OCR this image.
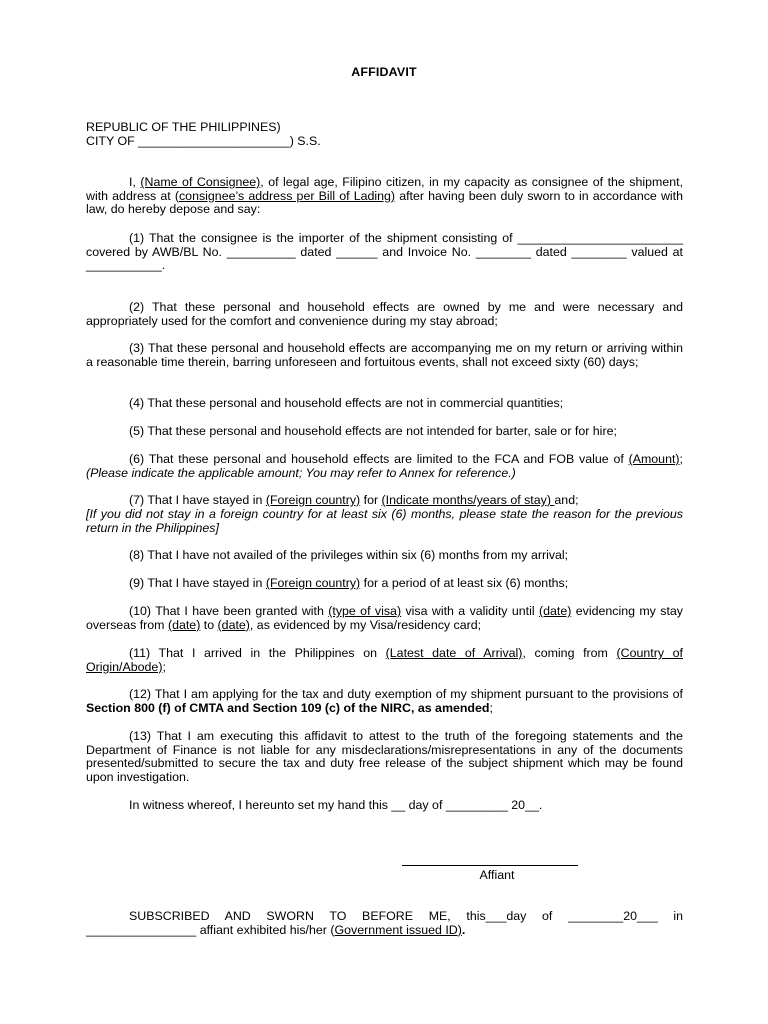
AFFIDAVIT
REPUBLIC OF THE PHILIPPINES)
CITY OF ______________________) S.S.
I, (Name of Consignee), of legal age, Filipino citizen, in my capacity as consignee of the shipment, with address at (consignee’s address per Bill of Lading) after having been duly sworn to in accordance with law, do hereby depose and say:
(1) That the consignee is the importer of the shipment consisting of ________________________ covered by AWB/BL No. __________ dated ______ and Invoice No. ________ dated ________ valued at ___________.
(2) That these personal and household effects are owned by me and were necessary and appropriately used for the comfort and convenience during my stay abroad;
(3) That these personal and household effects are accompanying me on my return or arriving within a reasonable time therein, barring unforeseen and fortuitous events, shall not exceed sixty (60) days;
(4) That these personal and household effects are not in commercial quantities;
(5) That these personal and household effects are not intended for barter, sale or for hire;
(6) That these personal and household effects are limited to the FCA and FOB value of (Amount); (Please indicate the applicable amount; You may refer to Annex for reference.)
(7) That I have stayed in (Foreign country) for (Indicate months/years of stay) and;
[If you did not stay in a foreign country for at least six (6) months, please state the reason for the previous return in the Philippines]
(8) That I have not availed of the privileges within six (6) months from my arrival;
(9) That I have stayed in (Foreign country) for a period of at least six (6) months;
(10) That I have been granted with (type of visa) visa with a validity until (date) evidencing my stay overseas from (date) to (date), as evidenced by my Visa/residency card;
(11) That I arrived in the Philippines on (Latest date of Arrival), coming from (Country of Origin/Abode);
(12) That I am applying for the tax and duty exemption of my shipment pursuant to the provisions of Section 800 (f) of CMTA and Section 109 (c) of the NIRC, as amended;
(13) That I am executing this affidavit to attest to the truth of the foregoing statements and the Department of Finance is not liable for any misdeclarations/misrepresentations in any of the documents presented/submitted to secure the tax and duty free release of the subject shipment which may be found upon investigation.
In witness whereof, I hereunto set my hand this __ day of _________ 20__.
Affiant
SUBSCRIBED AND SWORN TO BEFORE ME, this___day of ________20___ in ________________ affiant exhibited his/her (Government issued ID).
